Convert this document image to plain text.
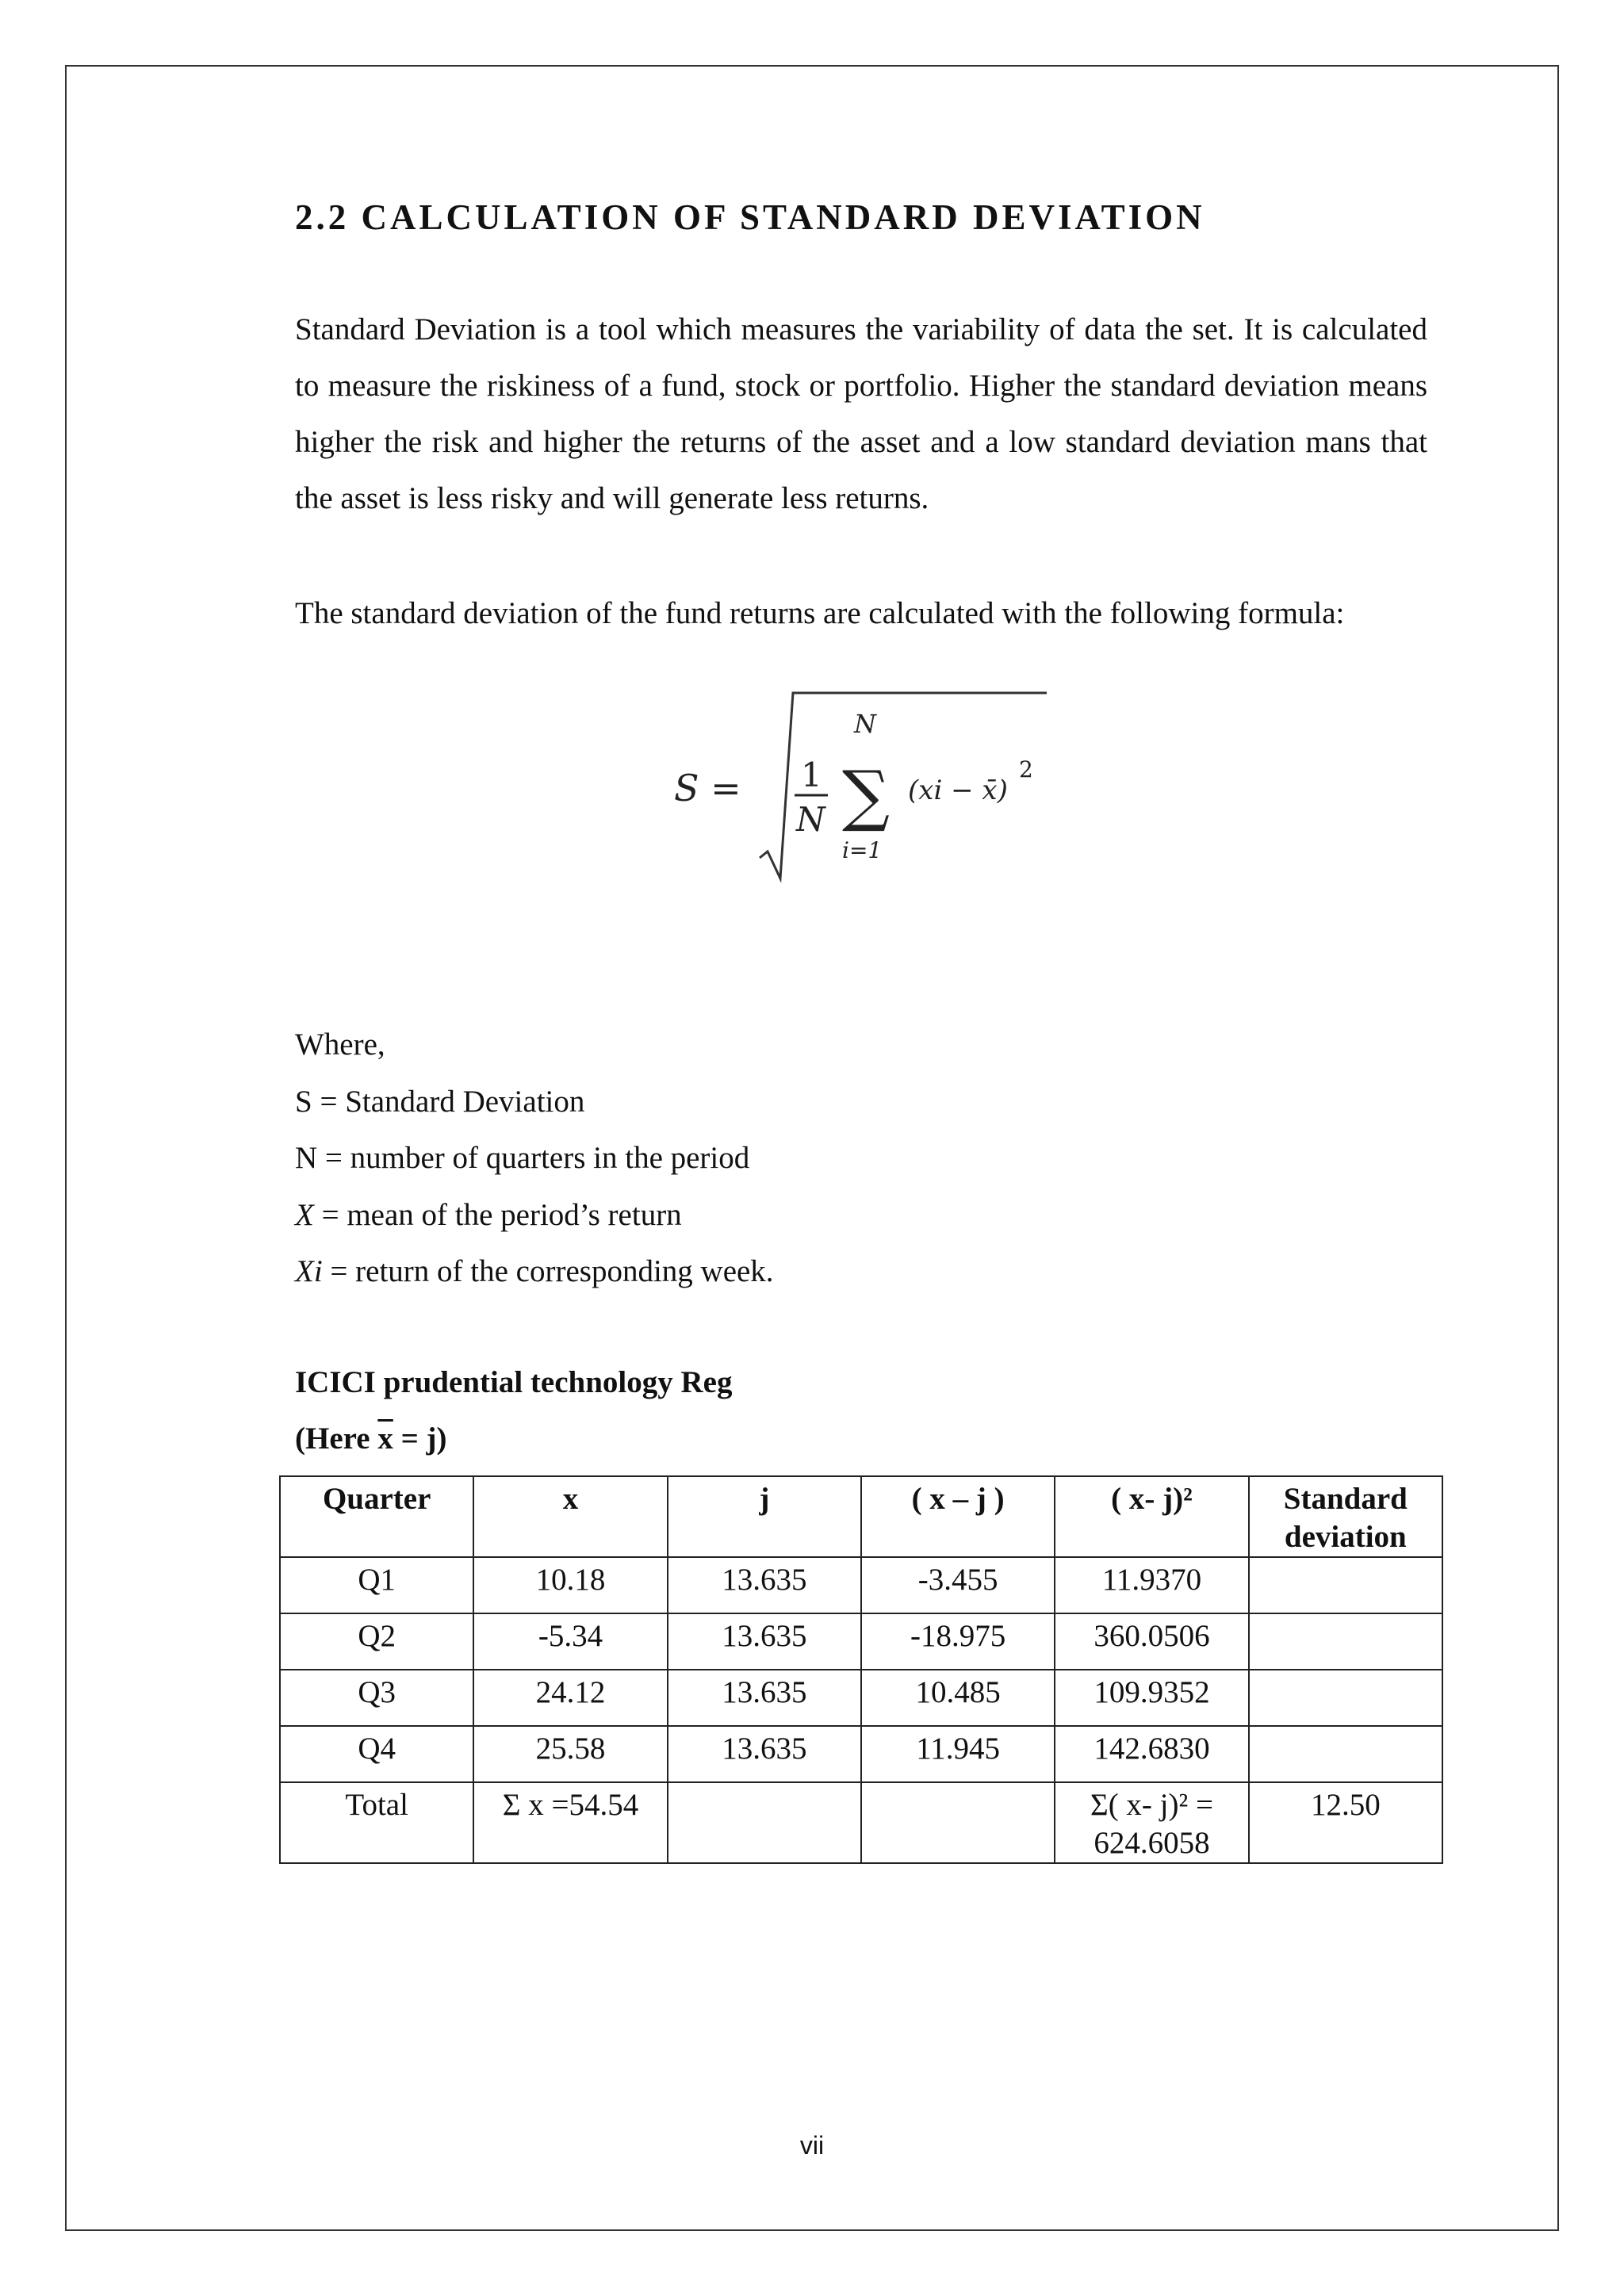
2.2 CALCULATION OF STANDARD DEVIATION

Standard Deviation is a tool which measures the variability of data the set. It is calculated to measure the riskiness of a fund, stock or portfolio. Higher the standard deviation means higher the risk and higher the returns of the asset and a low standard deviation mans that the asset is less risky and will generate less returns.

The standard deviation of the fund returns are calculated with the following formula:

S = 1
N
N
∑
i=1
(xi − x̄)
2
Where,
S = Standard Deviation
N = number of quarters in the period
X = mean of the period’s return
Xi = return of the corresponding week.
ICICI prudential technology Reg
(Here $\overline{x} = j$)
Quarter	x	j	( x – j )	( x- j)²	Standard deviation
Q1	10.18	13.635	-3.455	11.9370	
Q2	-5.34	13.635	-18.975	360.0506	
Q3	24.12	13.635	10.485	109.9352	
Q4	25.58	13.635	11.945	142.6830	
Total	Σ x =54.54			Σ( x- j)² = 624.6058	12.50
vii
